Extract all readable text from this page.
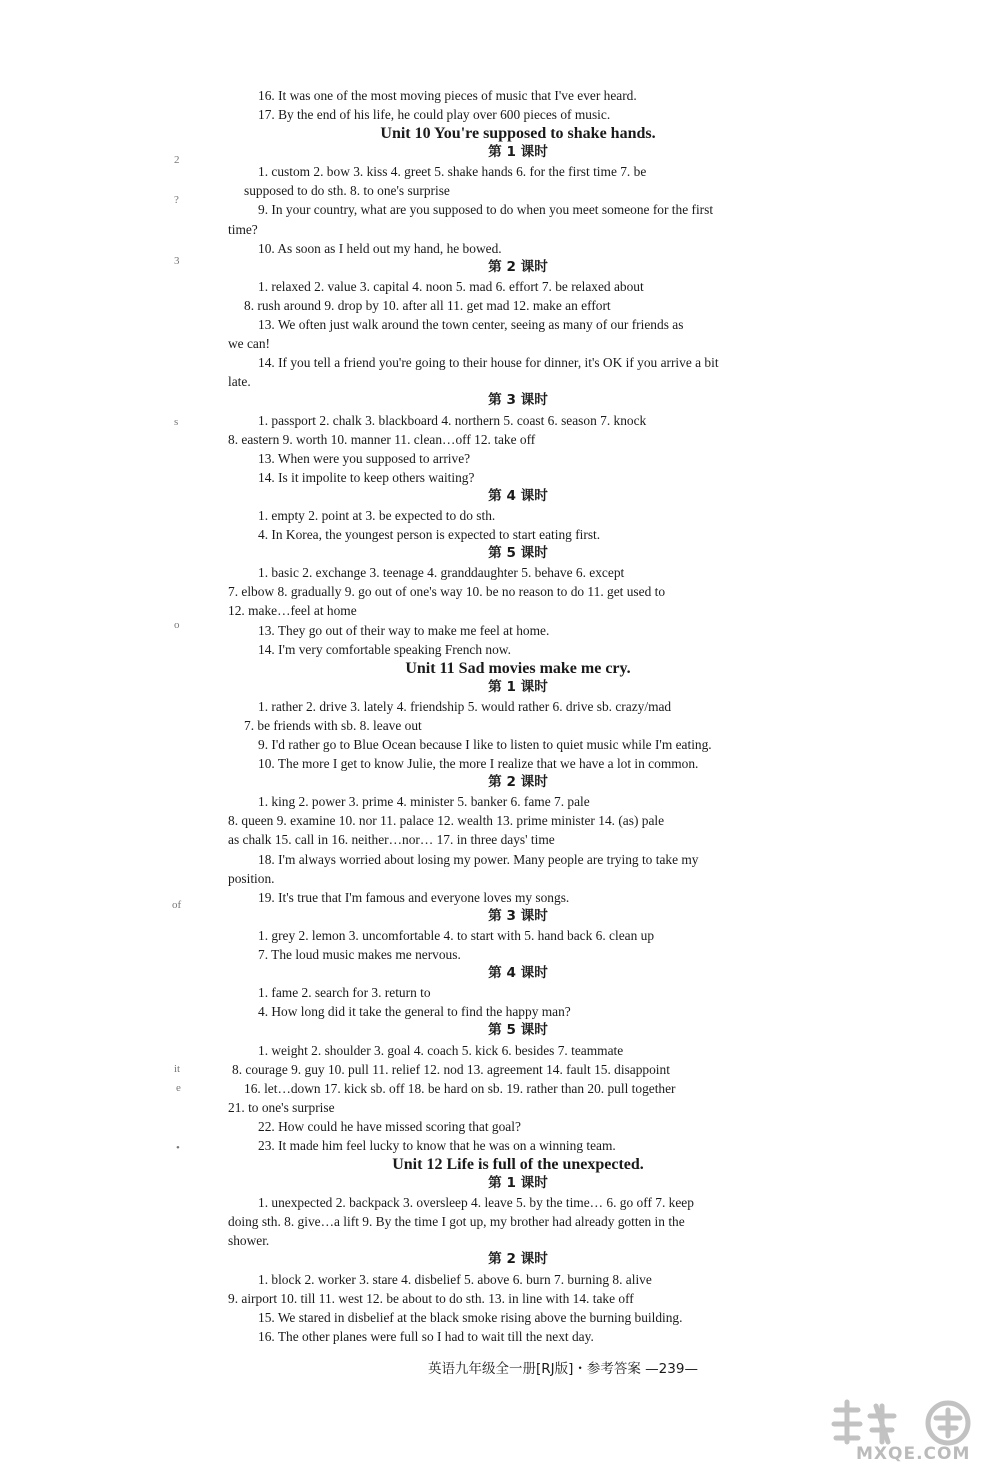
2
?
3
s
o
of
it
e
•
16. It was one of the most moving pieces of music that I've ever heard.
17. By the end of his life, he could play over 600 pieces of music.
Unit 10 You're supposed to shake hands.
第 1 课时
1. custom 2. bow 3. kiss 4. greet 5. shake hands 6. for the first time 7. be
supposed to do sth. 8. to one's surprise
9. In your country, what are you supposed to do when you meet someone for the first
time?
10. As soon as I held out my hand, he bowed.
第 2 课时
1. relaxed 2. value 3. capital 4. noon 5. mad 6. effort 7. be relaxed about
8. rush around 9. drop by 10. after all 11. get mad 12. make an effort
13. We often just walk around the town center, seeing as many of our friends as
we can!
14. If you tell a friend you're going to their house for dinner, it's OK if you arrive a bit
late.
第 3 课时
1. passport 2. chalk 3. blackboard 4. northern 5. coast 6. season 7. knock
8. eastern 9. worth 10. manner 11. clean…off 12. take off
13. When were you supposed to arrive?
14. Is it impolite to keep others waiting?
第 4 课时
1. empty 2. point at 3. be expected to do sth.
4. In Korea, the youngest person is expected to start eating first.
第 5 课时
1. basic 2. exchange 3. teenage 4. granddaughter 5. behave 6. except
7. elbow 8. gradually 9. go out of one's way 10. be no reason to do 11. get used to
12. make…feel at home
13. They go out of their way to make me feel at home.
14. I'm very comfortable speaking French now.
Unit 11 Sad movies make me cry.
第 1 课时
1. rather 2. drive 3. lately 4. friendship 5. would rather 6. drive sb. crazy/mad
7. be friends with sb. 8. leave out
9. I'd rather go to Blue Ocean because I like to listen to quiet music while I'm eating.
10. The more I get to know Julie, the more I realize that we have a lot in common.
第 2 课时
1. king 2. power 3. prime 4. minister 5. banker 6. fame 7. pale
8. queen 9. examine 10. nor 11. palace 12. wealth 13. prime minister 14. (as) pale
as chalk 15. call in 16. neither…nor… 17. in three days' time
18. I'm always worried about losing my power. Many people are trying to take my
position.
19. It's true that I'm famous and everyone loves my songs.
第 3 课时
1. grey 2. lemon 3. uncomfortable 4. to start with 5. hand back 6. clean up
7. The loud music makes me nervous.
第 4 课时
1. fame 2. search for 3. return to
4. How long did it take the general to find the happy man?
第 5 课时
1. weight 2. shoulder 3. goal 4. coach 5. kick 6. besides 7. teammate
8. courage 9. guy 10. pull 11. relief 12. nod 13. agreement 14. fault 15. disappoint
16. let…down 17. kick sb. off 18. be hard on sb. 19. rather than 20. pull together
21. to one's surprise
22. How could he have missed scoring that goal?
23. It made him feel lucky to know that he was on a winning team.
Unit 12 Life is full of the unexpected.
第 1 课时
1. unexpected 2. backpack 3. oversleep 4. leave 5. by the time… 6. go off 7. keep
doing sth. 8. give…a lift 9. By the time I got up, my brother had already gotten in the
shower.
第 2 课时
1. block 2. worker 3. stare 4. disbelief 5. above 6. burn 7. burning 8. alive
9. airport 10. till 11. west 12. be about to do sth. 13. in line with 14. take off
15. We stared in disbelief at the black smoke rising above the burning building.
16. The other planes were full so I had to wait till the next day.
英语九年级全一册[RJ版]・参考答案 —239—
MXQE.COM
